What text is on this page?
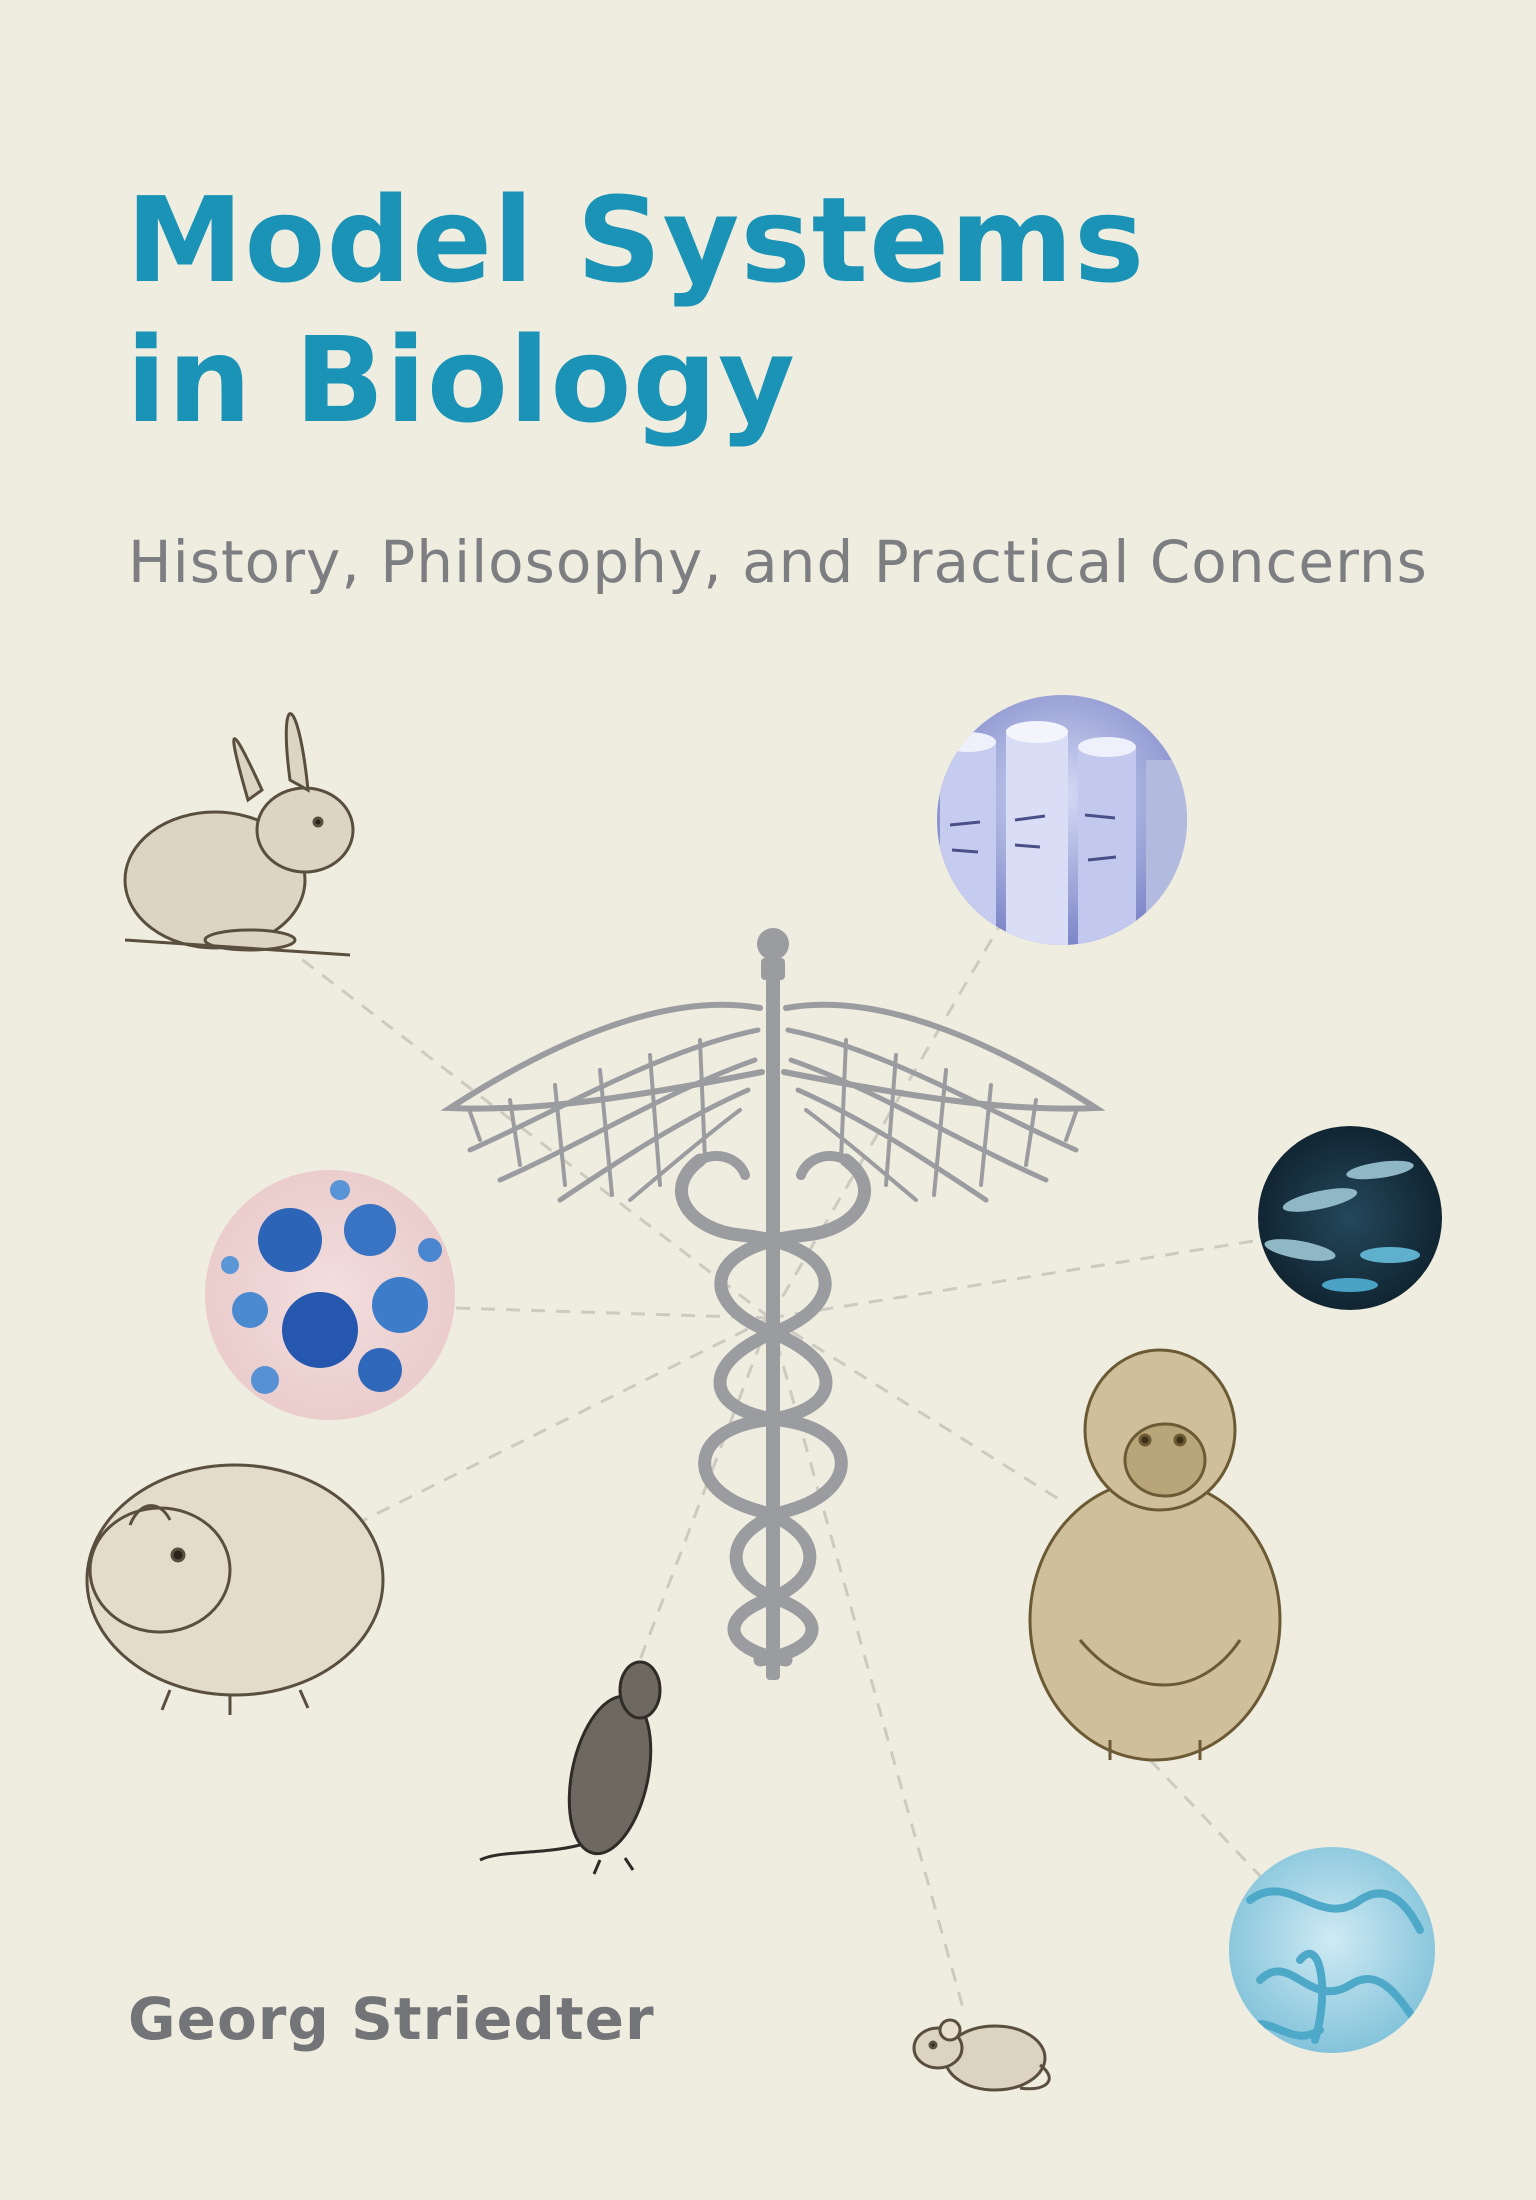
Model Systems
in Biology
History, Philosophy, and Practical Concerns
Georg Striedter
